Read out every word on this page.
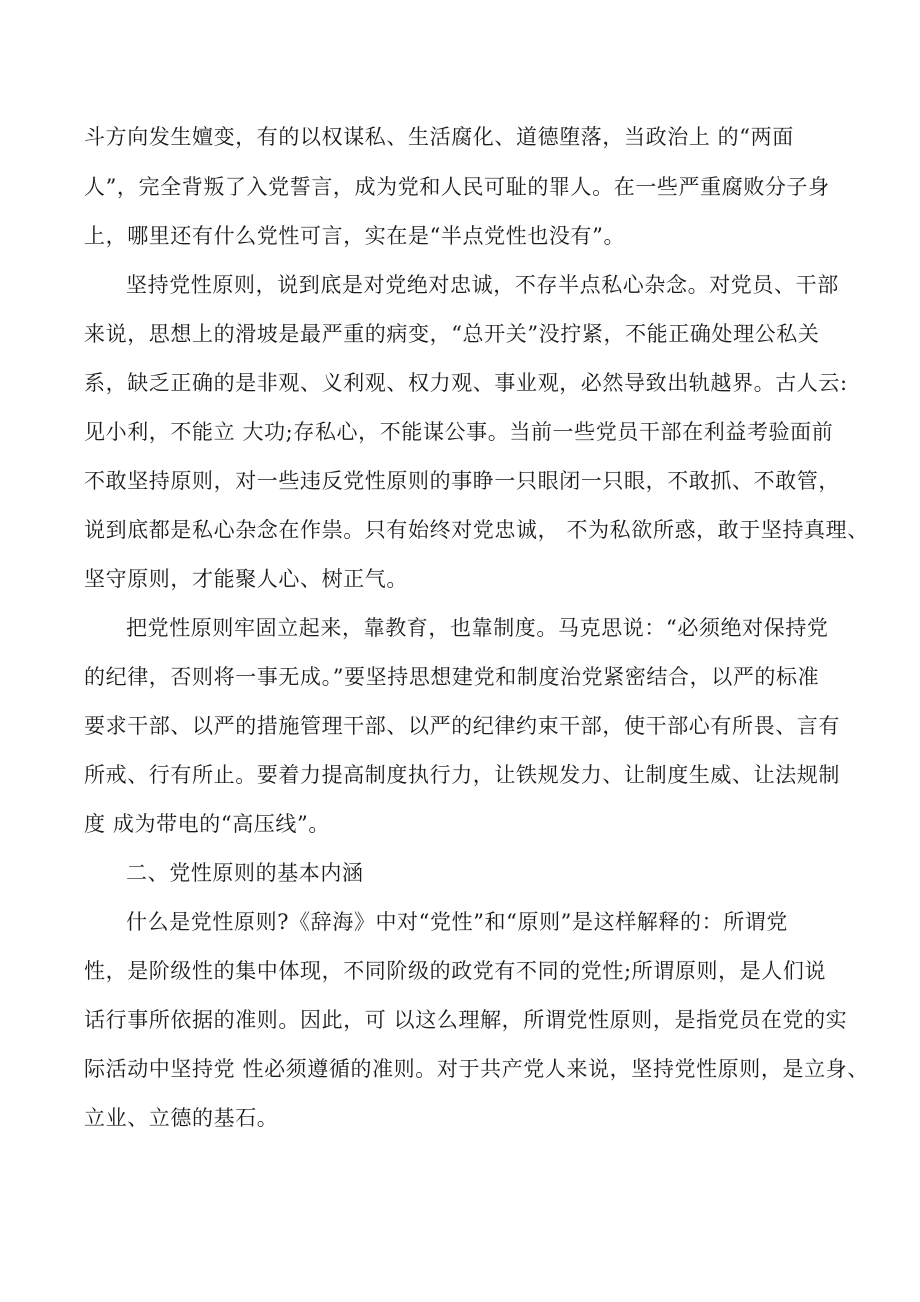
斗方向发生嬗变，有的以权谋私、生活腐化、道德堕落，当政治上 的“两面
人”，完全背叛了入党誓言，成为党和人民可耻的罪人。在一些严重腐败分子身
上，哪里还有什么党性可言，实在是“半点党性也没有”。
坚持党性原则，说到底是对党绝对忠诚，不存半点私心杂念。对党员、干部
来说，思想上的滑坡是最严重的病变，“总开关”没拧紧，不能正确处理公私关
系，缺乏正确的是非观、义利观、权力观、事业观，必然导致出轨越界。古人云:
见小利，不能立 大功;存私心，不能谋公事。当前一些党员干部在利益考验面前
不敢坚持原则，对一些违反党性原则的事睁一只眼闭一只眼，不敢抓、不敢管，
说到底都是私心杂念在作祟。只有始终对党忠诚， 不为私欲所惑，敢于坚持真理、
坚守原则，才能聚人心、树正气。
把党性原则牢固立起来，靠教育，也靠制度。马克思说：“必须绝对保持党
的纪律，否则将一事无成。”要坚持思想建党和制度治党紧密结合，以严的标准
要求干部、以严的措施管理干部、以严的纪律约束干部，使干部心有所畏、言有
所戒、行有所止。要着力提高制度执行力，让铁规发力、让制度生威、让法规制
度 成为带电的“高压线”。
二、党性原则的基本内涵
什么是党性原则?《辞海》中对“党性”和“原则”是这样解释的：所谓党
性，是阶级性的集中体现，不同阶级的政党有不同的党性;所谓原则，是人们说
话行事所依据的准则。因此，可 以这么理解，所谓党性原则，是指党员在党的实
际活动中坚持党 性必须遵循的准则。对于共产党人来说，坚持党性原则，是立身、
立业、立德的基石。
